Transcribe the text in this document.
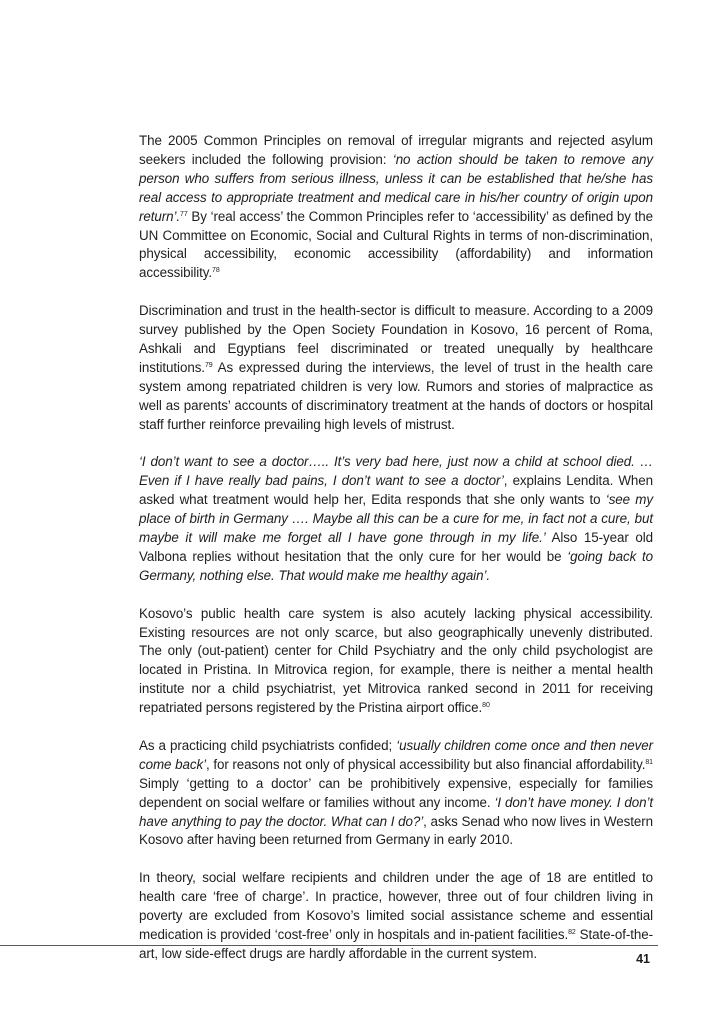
The 2005 Common Principles on removal of irregular migrants and rejected asylum seekers included the following provision: ‘no action should be taken to remove any person who suffers from serious illness, unless it can be established that he/she has real access to appropriate treatment and medical care in his/her country of origin upon return’.$^{77}$ By ‘real access’ the Common Principles refer to ‘accessibility’ as defined by the UN Committee on Economic, Social and Cultural Rights in terms of non-discrimination, physical accessibility, economic accessibility (affordability) and information accessibility.$^{78}$

Discrimination and trust in the health-sector is difficult to measure. According to a 2009 survey published by the Open Society Foundation in Kosovo, 16 percent of Roma, Ashkali and Egyptians feel discriminated or treated unequally by healthcare institutions.$^{79}$ As expressed during the interviews, the level of trust in the health care system among repatriated children is very low. Rumors and stories of malpractice as well as parents’ accounts of discriminatory treatment at the hands of doctors or hospital staff further reinforce prevailing high levels of mistrust.

‘I don’t want to see a doctor….. It’s very bad here, just now a child at school died. … Even if I have really bad pains, I don’t want to see a doctor’, explains Lendita. When asked what treatment would help her, Edita responds that she only wants to ‘see my place of birth in Germany …. Maybe all this can be a cure for me, in fact not a cure, but maybe it will make me forget all I have gone through in my life.’ Also 15-year old Valbona replies without hesitation that the only cure for her would be ‘going back to Germany, nothing else. That would make me healthy again’.

Kosovo’s public health care system is also acutely lacking physical accessibility. Existing resources are not only scarce, but also geographically unevenly distributed. The only (out-patient) center for Child Psychiatry and the only child psychologist are located in Pristina. In Mitrovica region, for example, there is neither a mental health institute nor a child psychiatrist, yet Mitrovica ranked second in 2011 for receiving repatriated persons registered by the Pristina airport office.$^{80}$

As a practicing child psychiatrists confided; ‘usually children come once and then never come back’, for reasons not only of physical accessibility but also financial affordability.$^{81}$ Simply ‘getting to a doctor’ can be prohibitively expensive, especially for families dependent on social welfare or families without any income. ‘I don’t have money. I don’t have anything to pay the doctor. What can I do?’, asks Senad who now lives in Western Kosovo after having been returned from Germany in early 2010.

In theory, social welfare recipients and children under the age of 18 are entitled to health care ‘free of charge’. In practice, however, three out of four children living in poverty are excluded from Kosovo’s limited social assistance scheme and essential medication is provided ‘cost-free’ only in hospitals and in-patient facilities.$^{82}$ State-of-the-art, low side-effect drugs are hardly affordable in the current system.	41
